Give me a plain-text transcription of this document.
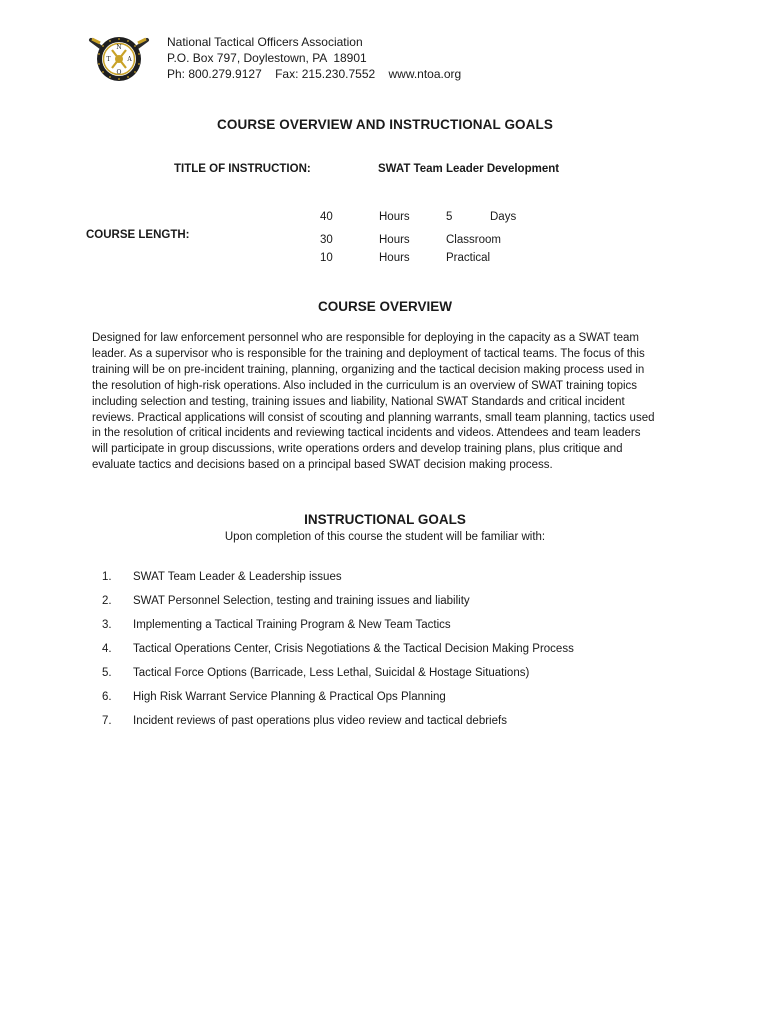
N
T
O
A
National Tactical Officers Association
P.O. Box 797, Doylestown, PA  18901
Ph: 800.279.9127    Fax: 215.230.7552    www.ntoa.org
COURSE OVERVIEW AND INSTRUCTIONAL GOALS
TITLE OF INSTRUCTION:	SWAT Team Leader Development
COURSE LENGTH:
40	Hours	5	Days
30	Hours	Classroom
10	Hours	Practical
COURSE OVERVIEW
Designed for law enforcement personnel who are responsible for deploying in the capacity as a SWAT team
leader. As a supervisor who is responsible for the training and deployment of tactical teams. The focus of this
training will be on pre-incident training, planning, organizing and the tactical decision making process used in
the resolution of high-risk operations. Also included in the curriculum is an overview of SWAT training topics
including selection and testing, training issues and liability, National SWAT Standards and critical incident
reviews. Practical applications will consist of scouting and planning warrants, small team planning, tactics used
in the resolution of critical incidents and reviewing tactical incidents and videos. Attendees and team leaders
will participate in group discussions, write operations orders and develop training plans, plus critique and
evaluate tactics and decisions based on a principal based SWAT decision making process.
INSTRUCTIONAL GOALS
Upon completion of this course the student will be familiar with:
1. SWAT Team Leader & Leadership issues
2. SWAT Personnel Selection, testing and training issues and liability
3. Implementing a Tactical Training Program & New Team Tactics
4. Tactical Operations Center, Crisis Negotiations & the Tactical Decision Making Process
5. Tactical Force Options (Barricade, Less Lethal, Suicidal & Hostage Situations)
6. High Risk Warrant Service Planning & Practical Ops Planning
7. Incident reviews of past operations plus video review and tactical debriefs
